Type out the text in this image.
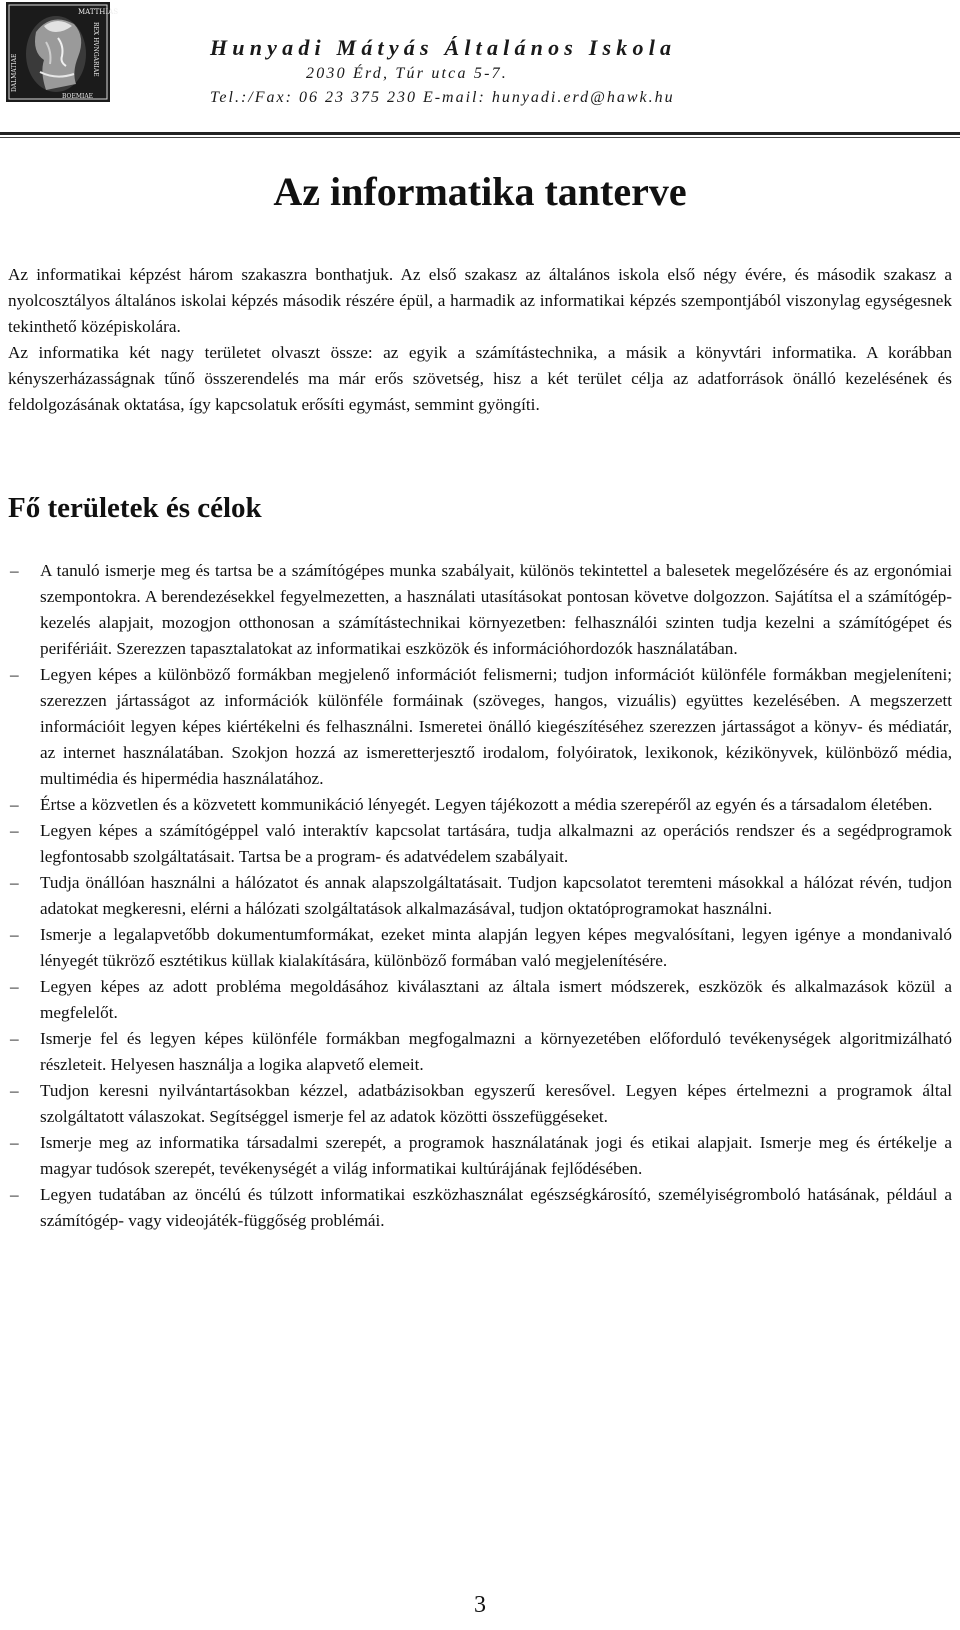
MATTHIAS
REX HVNGARIAE
DALMATIAE
BOEMIAE
Hunyadi Mátyás Általános Iskola
2030 Érd, Túr utca 5-7.
Tel.:/Fax: 06 23 375 230 E-mail: hunyadi.erd@hawk.hu
Az informatika tanterve

Az informatikai képzést három szakaszra bonthatjuk. Az első szakasz az általános iskola első négy évére, és második szakasz a nyolcosztályos általános iskolai képzés második részére épül, a harmadik az informatikai képzés szempontjából viszonylag egységesnek tekinthető középiskolára.

Az informatika két nagy területet olvaszt össze: az egyik a számítástechnika, a másik a könyvtári informatika. A korábban kényszerházasságnak tűnő összerendelés ma már erős szövetség, hisz a két terület célja az adatforrások önálló kezelésének és feldolgozásának oktatása, így kapcsolatuk erősíti egymást, semmint gyöngíti.

Fő területek és célok
– A tanuló ismerje meg és tartsa be a számítógépes munka szabályait, különös tekintettel a balesetek megelőzésére és az ergonómiai szempontokra. A berendezésekkel fegyelmezetten, a használati utasításokat pontosan követve dolgozzon. Sajátítsa el a számítógép-kezelés alapjait, mozogjon otthonosan a számítástechnikai környezetben: felhasználói szinten tudja kezelni a számítógépet és perifériáit. Szerezzen tapasztalatokat az informatikai eszközök és információhordozók használatában.
– Legyen képes a különböző formákban megjelenő információt felismerni; tudjon információt különféle formákban megjeleníteni; szerezzen jártasságot az információk különféle formáinak (szöveges, hangos, vizuális) együttes kezelésében. A megszerzett információit legyen képes kiértékelni és felhasználni. Ismeretei önálló kiegészítéséhez szerezzen jártasságot a könyv- és médiatár, az internet használatában. Szokjon hozzá az ismeretterjesztő irodalom, folyóiratok, lexikonok, kézikönyvek, különböző média, multimédia és hipermédia használatához.
– Értse a közvetlen és a közvetett kommunikáció lényegét. Legyen tájékozott a média szerepéről az egyén és a társadalom életében.
– Legyen képes a számítógéppel való interaktív kapcsolat tartására, tudja alkalmazni az operációs rendszer és a segédprogramok legfontosabb szolgáltatásait. Tartsa be a program- és adatvédelem szabályait.
– Tudja önállóan használni a hálózatot és annak alapszolgáltatásait. Tudjon kapcsolatot teremteni másokkal a hálózat révén, tudjon adatokat megkeresni, elérni a hálózati szolgáltatások alkalmazásával, tudjon oktatóprogramokat használni.
– Ismerje a legalapvetőbb dokumentumformákat, ezeket minta alapján legyen képes megvalósítani, legyen igénye a mondanivaló lényegét tükröző esztétikus küllak kialakítására, különböző formában való megjelenítésére.
– Legyen képes az adott probléma megoldásához kiválasztani az általa ismert módszerek, eszközök és alkalmazások közül a megfelelőt.
– Ismerje fel és legyen képes különféle formákban megfogalmazni a környezetében előforduló tevékenységek algoritmizálható részleteit. Helyesen használja a logika alapvető elemeit.
– Tudjon keresni nyilvántartásokban kézzel, adatbázisokban egyszerű keresővel. Legyen képes értelmezni a programok által szolgáltatott válaszokat. Segítséggel ismerje fel az adatok közötti összefüggéseket.
– Ismerje meg az informatika társadalmi szerepét, a programok használatának jogi és etikai alapjait. Ismerje meg és értékelje a magyar tudósok szerepét, tevékenységét a világ informatikai kultúrájának fejlődésében.
– Legyen tudatában az öncélú és túlzott informatikai eszközhasználat egészségkárosító, személyiségromboló hatásának, például a számítógép- vagy videojáték-függőség problémái.
3
